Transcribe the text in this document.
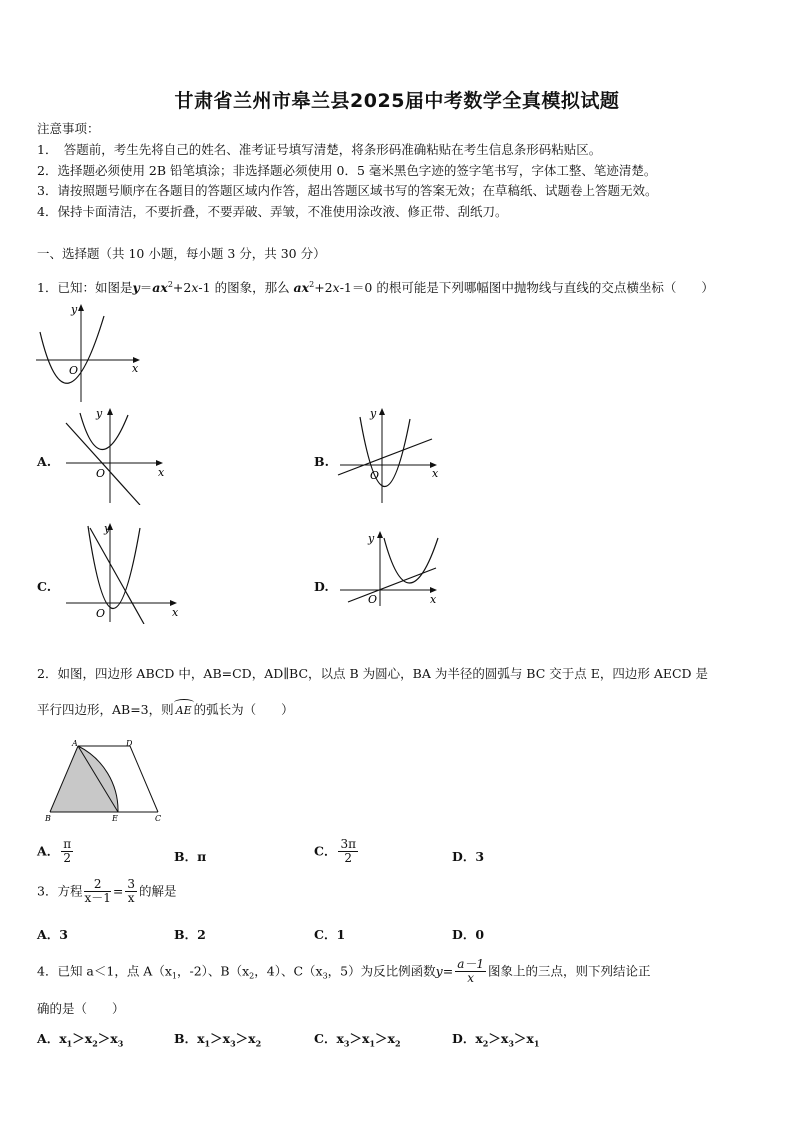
甘肃省兰州市皋兰县2025届中考数学全真模拟试题
注意事项：
1．　答题前，考生先将自己的姓名、准考证号填写清楚，将条形码准确粘贴在考生信息条形码粘贴区。
2．选择题必须使用 2B 铅笔填涂；非选择题必须使用 0．5 毫米黑色字迹的签字笔书写，字体工整、笔迹清楚。
3．请按照题号顺序在各题目的答题区域内作答，超出答题区域书写的答案无效；在草稿纸、试题卷上答题无效。
4．保持卡面清洁，不要折叠，不要弄破、弄皱，不准使用涂改液、修正带、刮纸刀。
一、选择题（共 10 小题，每小题 3 分，共 30 分）
1．已知：如图是$y=ax^2+2x-1$ 的图象，那么 $ax^2+2x-1=0$ 的根可能是下列哪幅图中抛物线与直线的交点横坐标（　　）
x
y
O
A.
x
y
O
B.
x
y
O
C.
x
y
O
D.
x
y
O
2．如图，四边形 ABCD 中，AB=CD，AD∥BC，以点 B 为圆心，BA 为半径的圆弧与 BC 交于点 E，四边形 AECD 是
平行四边形，AB=3，则 AE 的弧长为（　　）
A	D
B	E	C
A． $\frac{\pi}{2}$	B．π	C． $\frac{3\pi}{2}$	D．3
3．方程 $\frac{2}{x-1} = \frac{3}{x}$ 的解是
A．3	B．2	C．1	D．0
4．已知 a＜1，点 $A(x_1$，-2）、$B(x_2$，4）、$C(x_3$，5）为反比例函数$y= \frac{a-1}{x}$ 图象上的三点，则下列结论正
确的是（　　）
A．$x_1>x_2>x_3$	B．$x_1>x_3>x_2$	C．$x_3>x_1>x_2$	D．$x_2>x_3>x_1$
